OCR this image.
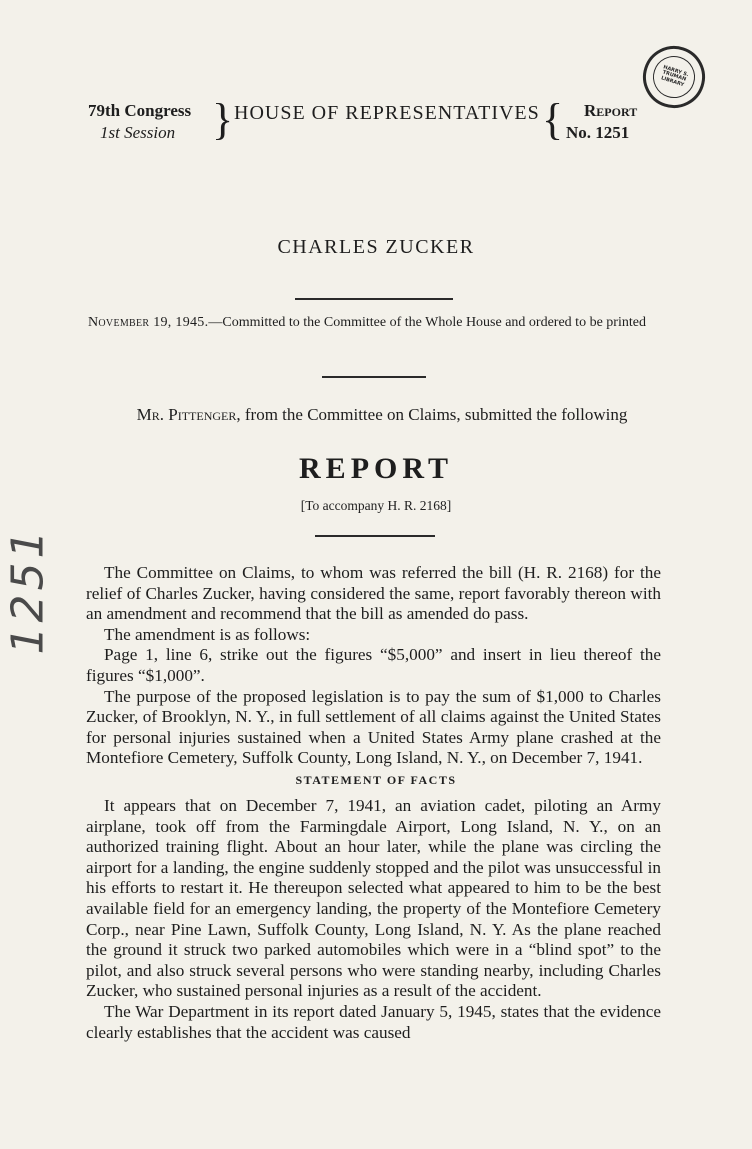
HARRY S. TRUMAN LIBRARY
1251
79th Congress
1st Session } HOUSE OF REPRESENTATIVES {	Report
No. 1251
CHARLES ZUCKER
November 19, 1945.—Committed to the Committee of the Whole House and ordered to be printed
Mr. Pittenger, from the Committee on Claims, submitted the following
REPORT
[To accompany H. R. 2168]

The Committee on Claims, to whom was referred the bill (H. R. 2168) for the relief of Charles Zucker, having considered the same, report favorably thereon with an amendment and recommend that the bill as amended do pass.

The amendment is as follows:

Page 1, line 6, strike out the figures “$5,000” and insert in lieu thereof the figures “$1,000”.

The purpose of the proposed legislation is to pay the sum of $1,000 to Charles Zucker, of Brooklyn, N. Y., in full settlement of all claims against the United States for personal injuries sustained when a United States Army plane crashed at the Montefiore Cemetery, Suffolk County, Long Island, N. Y., on December 7, 1941.

STATEMENT OF FACTS

It appears that on December 7, 1941, an aviation cadet, piloting an Army airplane, took off from the Farmingdale Airport, Long Island, N. Y., on an authorized training flight. About an hour later, while the plane was circling the airport for a landing, the engine suddenly stopped and the pilot was unsuccessful in his efforts to restart it. He thereupon selected what appeared to him to be the best available field for an emergency landing, the property of the Montefiore Cemetery Corp., near Pine Lawn, Suffolk County, Long Island, N. Y. As the plane reached the ground it struck two parked automobiles which were in a “blind spot” to the pilot, and also struck several persons who were standing nearby, including Charles Zucker, who sustained personal injuries as a result of the accident.

The War Department in its report dated January 5, 1945, states that the evidence clearly establishes that the accident was caused
